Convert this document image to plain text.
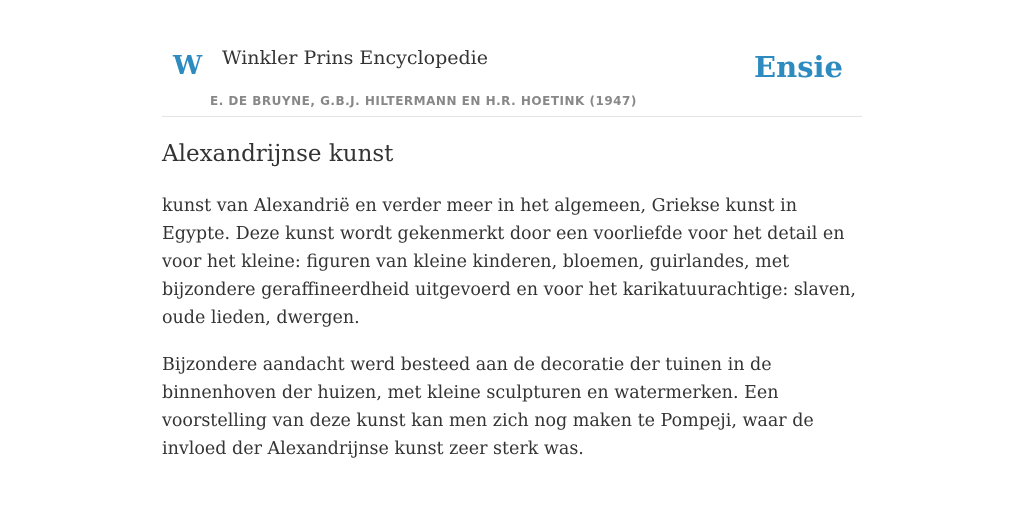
W Winkler Prins Encyclopedie
E. DE BRUYNE, G.B.J. HILTERMANN EN H.R. HOETINK (1947)
Ensie
Alexandrijnse kunst

kunst van Alexandrië en verder meer in het algemeen, Griekse kunst in Egypte. Deze kunst wordt gekenmerkt door een voorliefde voor het detail en voor het kleine: figuren van kleine kinderen, bloemen, guirlandes, met bijzondere geraffineerdheid uitgevoerd en voor het karikatuurachtige: slaven, oude lieden, dwergen.

Bijzondere aandacht werd besteed aan de decoratie der tuinen in de binnenhoven der huizen, met kleine sculpturen en watermerken. Een voorstelling van deze kunst kan men zich nog maken te Pompeji, waar de invloed der Alexandrijnse kunst zeer sterk was.
